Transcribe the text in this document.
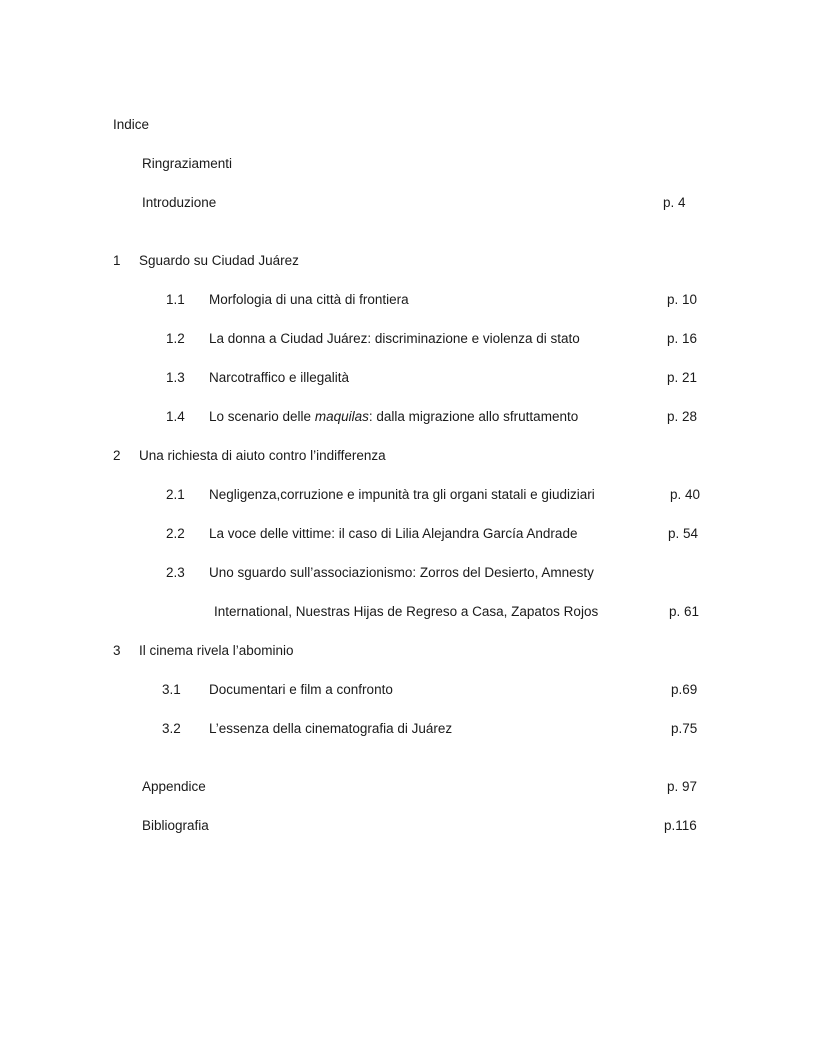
Indice
Ringraziamenti
Introduzione	p. 4
1 Sguardo su Ciudad Juárez
1.1 Morfologia di una città di frontiera	p. 10
1.2 La donna a Ciudad Juárez: discriminazione e violenza di stato	p. 16
1.3 Narcotraffico e illegalità	p. 21
1.4 Lo scenario delle maquilas: dalla migrazione allo sfruttamento	p. 28
2 Una richiesta di aiuto contro l’indifferenza
2.1 Negligenza,corruzione e impunità tra gli organi statali e giudiziari	p. 40
2.2 La voce delle vittime: il caso di Lilia Alejandra García Andrade	p. 54
2.3 Uno sguardo sull’associazionismo: Zorros del Desierto, Amnesty
International, Nuestras Hijas de Regreso a Casa, Zapatos Rojos	p. 61
3 Il cinema rivela l’abominio
3.1 Documentari e film a confronto	p.69
3.2 L’essenza della cinematografia di Juárez	p.75
Appendice	p. 97
Bibliografia	p.116
